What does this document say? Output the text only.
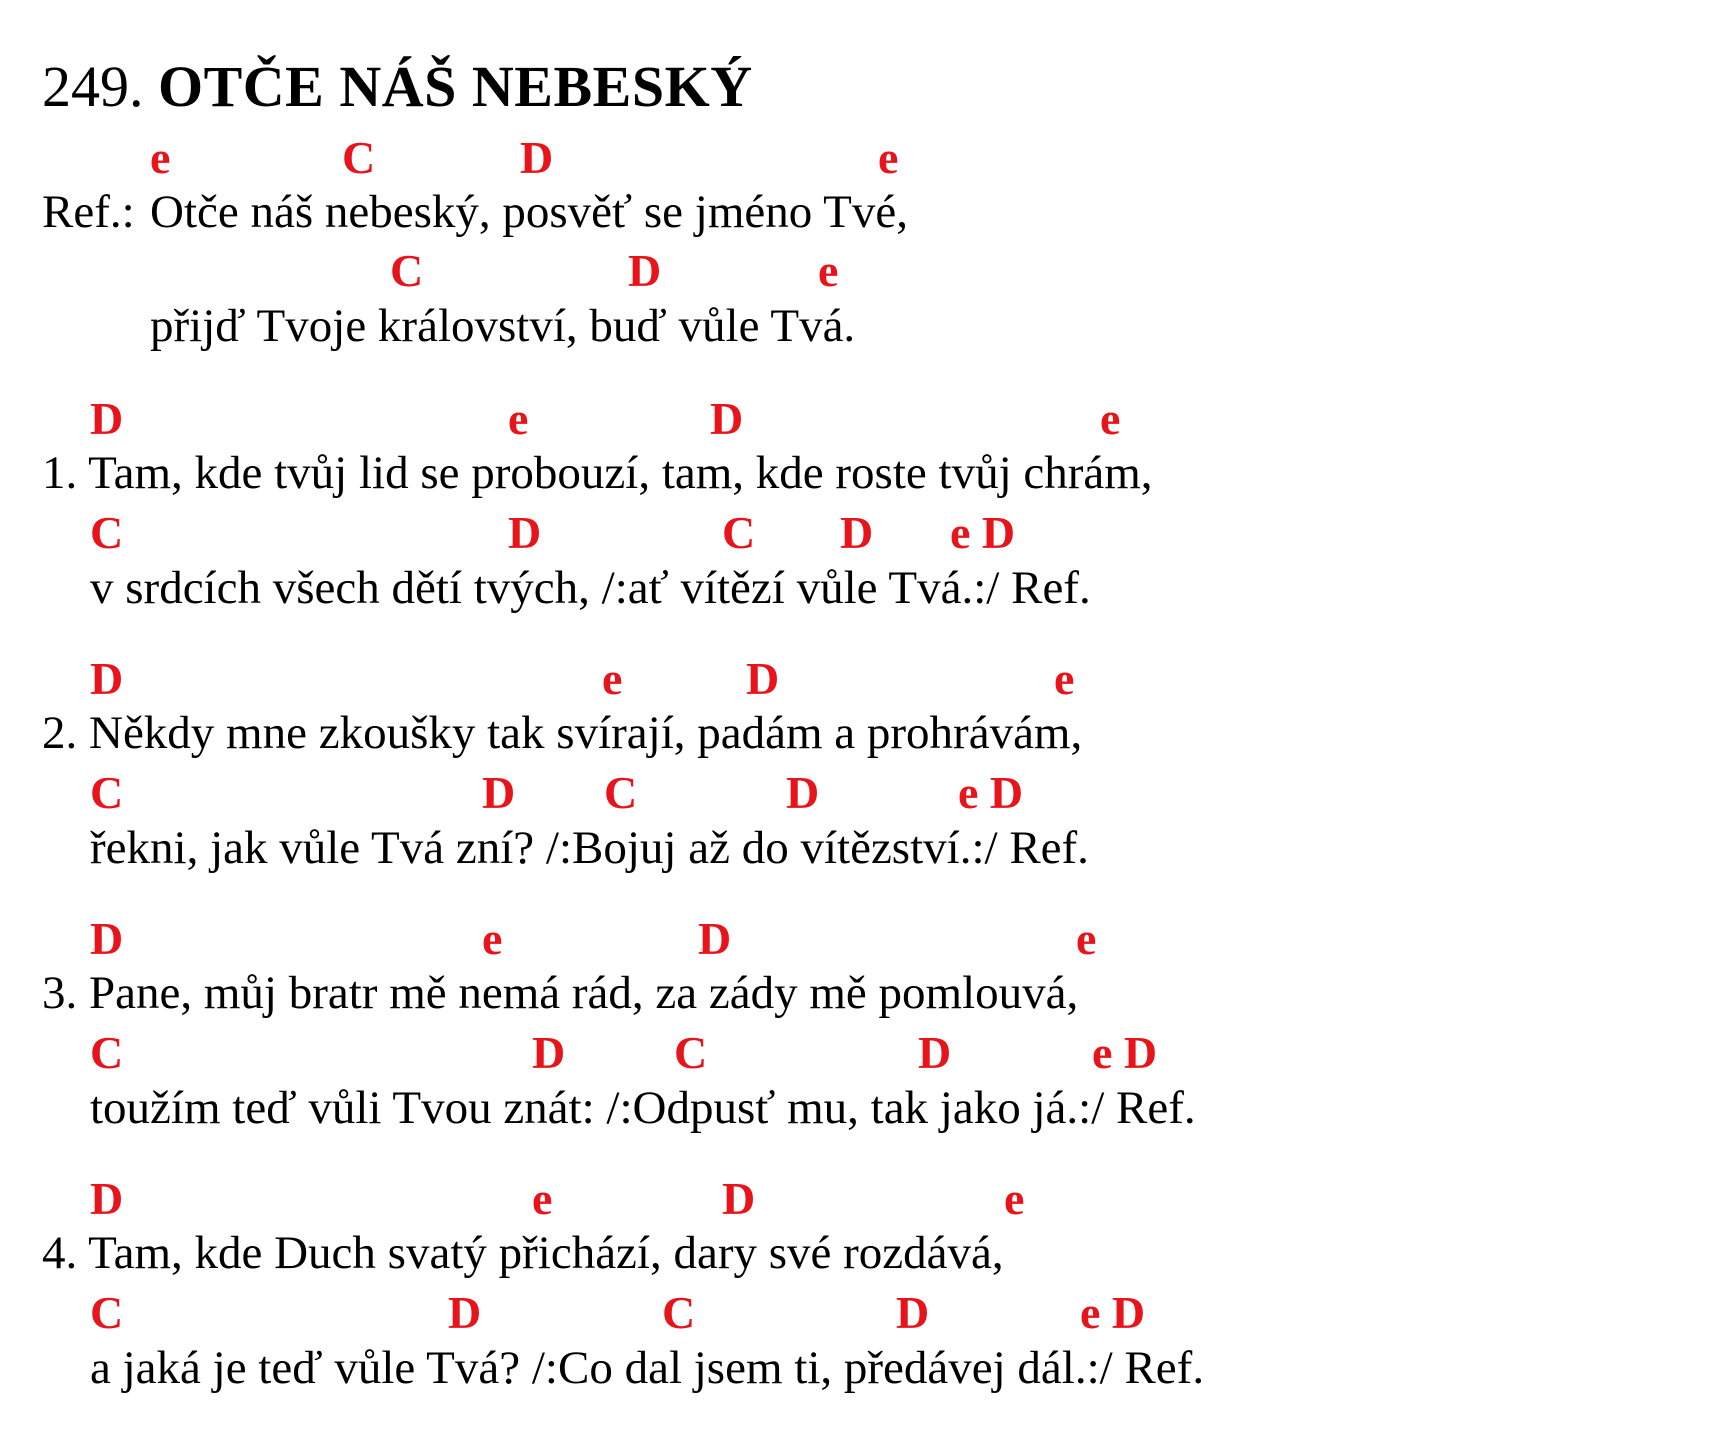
249. OTČE NÁŠ NEBESKÝ
e	C	D	e
Ref.: Otče náš nebeský, posvěť se jméno Tvé,
C	D	e
přijď Tvoje království, buď vůle Tvá.
D	e	D	e
1. Tam, kde tvůj lid se probouzí, tam, kde roste tvůj chrám,
C	D	C D e D
v srdcích všech dětí tvých, /:ať vítězí vůle Tvá.:/ Ref.
D	e	D	e
2. Někdy mne zkoušky tak svírají, padám a prohrávám,
C	D C	D	e D
řekni, jak vůle Tvá zní? /:Bojuj až do vítězství.:/ Ref.
D	e	D	e
3. Pane, můj bratr mě nemá rád, za zády mě pomlouvá,
C	D C	D	e D
toužím teď vůli Tvou znát: /:Odpusť mu, tak jako já.:/ Ref.
D	e	D	e
4. Tam, kde Duch svatý přichází, dary své rozdává,
C	D	C	D	e D
a jaká je teď vůle Tvá? /:Co dal jsem ti, předávej dál.:/ Ref.
